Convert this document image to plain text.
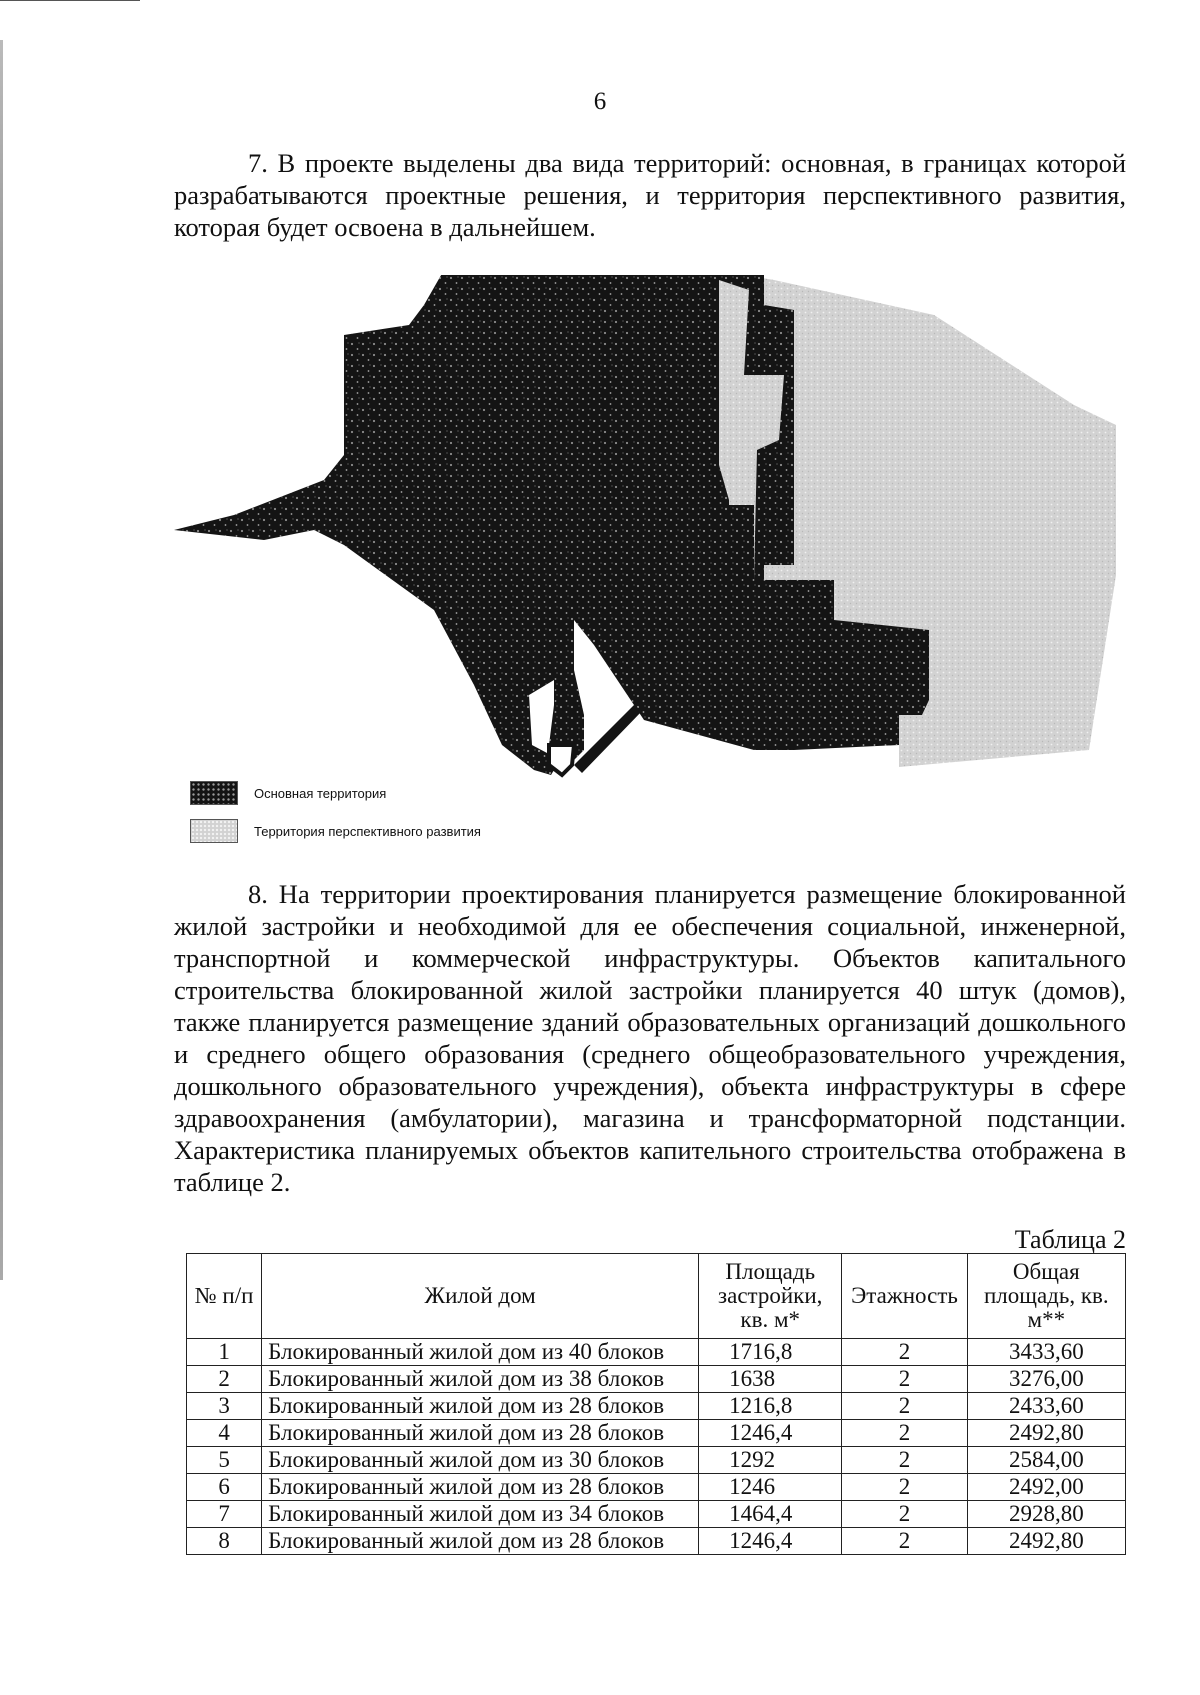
6

7. В проекте выделены два вида территорий: основная, в границах которой разрабатываются проектные решения, и территория перспективного развития, которая будет освоена в дальнейшем.

Основная территория
Территория перспективного развития

8. На территории проектирования планируется размещение блокированной жилой застройки и необходимой для ее обеспечения социальной, инженерной, транспортной и коммерческой инфраструктуры. Объектов капитального строительства блокированной жилой застройки планируется 40 штук (домов), также планируется размещение зданий образовательных организаций дошкольного и среднего общего образования (среднего общеобразовательного учреждения, дошкольного образовательного учреждения), объекта инфраструктуры в сфере здравоохранения (амбулатории), магазина и трансформаторной подстанции. Характеристика планируемых объектов капительного строительства отображена в таблице 2.

Таблица 2
№ п/п	Жилой дом	Площадь застройки, кв. м*	Этажность	Общая площадь, кв. м**
1	Блокированный жилой дом из 40 блоков	1716,8	2	3433,60
2	Блокированный жилой дом из 38 блоков	1638	2	3276,00
3	Блокированный жилой дом из 28 блоков	1216,8	2	2433,60
4	Блокированный жилой дом из 28 блоков	1246,4	2	2492,80
5	Блокированный жилой дом из 30 блоков	1292	2	2584,00
6	Блокированный жилой дом из 28 блоков	1246	2	2492,00
7	Блокированный жилой дом из 34 блоков	1464,4	2	2928,80
8	Блокированный жилой дом из 28 блоков	1246,4	2	2492,80
